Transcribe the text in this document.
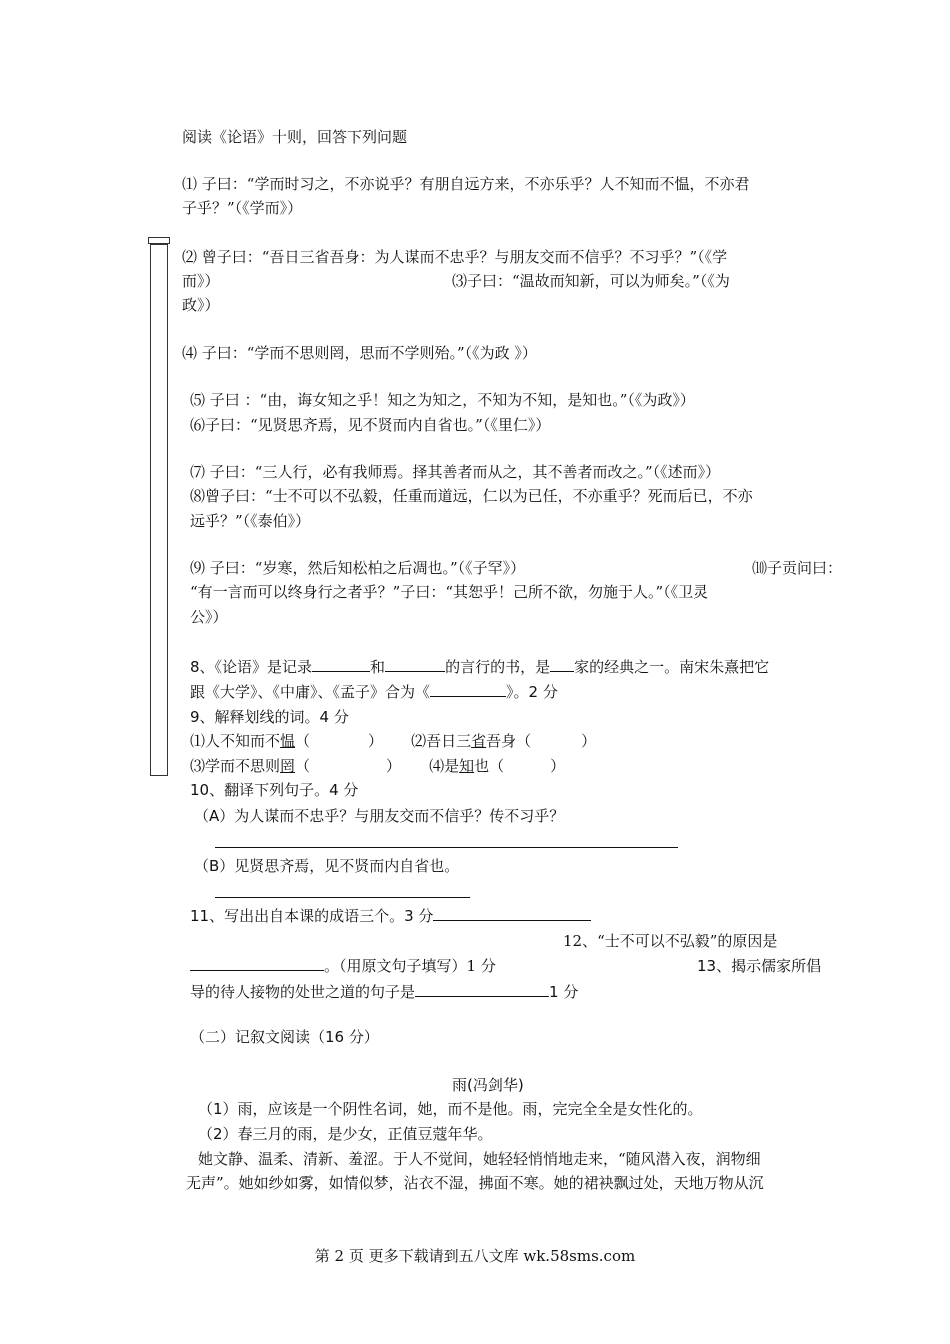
阅读《论语》十则，回答下列问题
⑴ 子曰：“学而时习之，不亦说乎？有朋自远方来，不亦乐乎？人不知而不愠，不亦君
子乎？”（《学而》）
⑵ 曾子曰：“吾日三省吾身：为人谋而不忠乎？与朋友交而不信乎？不习乎？”（《学
而》）	⑶子曰：“温故而知新，可以为师矣。”（《为
政》）
⑷ 子曰：“学而不思则罔，思而不学则殆。”（《为政 》）
⑸ 子曰 ：“由，诲女知之乎！知之为知之，不知为不知，是知也。”（《为政》）
⑹子曰：“见贤思齐焉，见不贤而内自省也。”（《里仁》）
⑺ 子曰：“三人行，必有我师焉。择其善者而从之，其不善者而改之。”（《述而》）
⑻曾子曰：“士不可以不弘毅，任重而道远，仁以为已任，不亦重乎？死而后已，不亦
远乎？”（《泰伯》）
⑼ 子曰：“岁寒，然后知松柏之后凋也。”（《子罕》）	⑽子贡问曰：
“有一言而可以终身行之者乎？”子曰：“其恕乎！己所不欲，勿施于人。”（《卫灵
公》）
8、《论语》是记录	和	的言行的书，是 家的经典之一。南宋朱熹把它
跟《大学》、《中庸》、《孟子》合为《	》。2 分
9、解释划线的词。4 分
⑴人不知而不愠（	） ⑵吾日三省吾身（	）
⑶学而不思则罔（	） ⑷是知也（	）
10、翻译下列句子。4 分
（A）为人谋而不忠乎？与朋友交而不信乎？传不习乎？
（B）见贤思齐焉，见不贤而内自省也。
11、写出出自本课的成语三个。3 分
12、“士不可以不弘毅”的原因是
。（用原文句子填写）1 分	13、揭示儒家所倡
导的待人接物的处世之道的句子是	1 分
（二）记叙文阅读（16 分）
雨(冯剑华)
（1）雨，应该是一个阴性名词，她，而不是他。雨，完完全全是女性化的。
（2）春三月的雨，是少女，正值豆蔻年华。
她文静、温柔、清新、羞涩。于人不觉间，她轻轻悄悄地走来，“随风潜入夜，润物细
无声”。她如纱如雾，如情似梦，沾衣不湿，拂面不寒。她的裙袂飘过处，天地万物从沉
第 2 页 更多下载请到五八文库 wk.58sms.com
